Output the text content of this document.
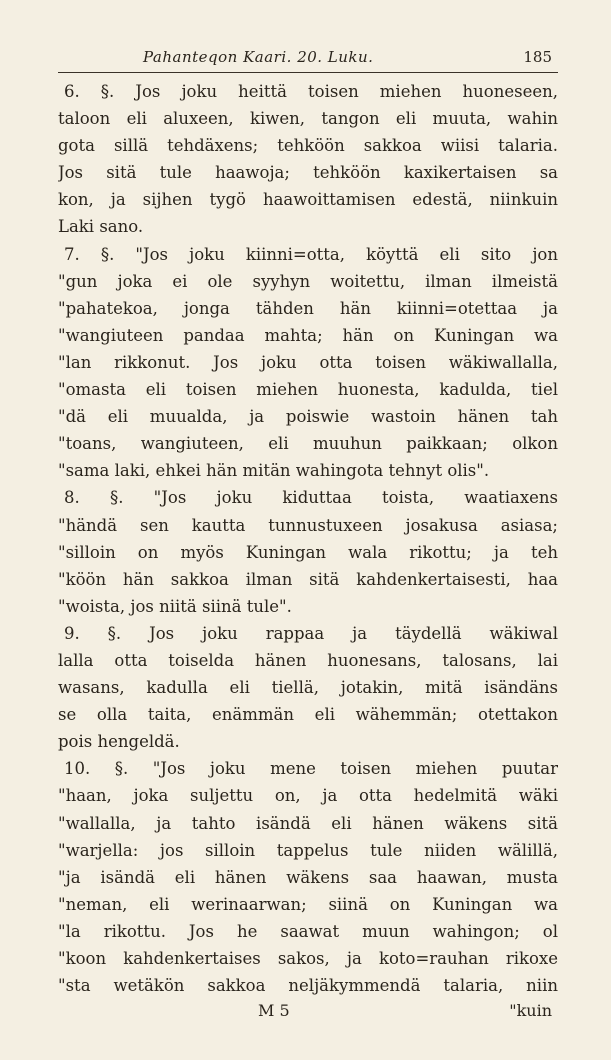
Pahanteqon Kaari. 20. Luku.	185
6. §. Jos joku heittä toisen miehen huoneseen,
taloon eli aluxeen, kiwen, tangon eli muuta, wahin
gota sillä tehdäxens; tehköön sakkoa wiisi talaria.
Jos sitä tule haawoja; tehköön kaxikertaisen sa
kon, ja sijhen tygö haawoittamisen edestä, niinkuin
Laki sano.
7. §. "Jos joku kiinni=otta, köyttä eli sito jon
"gun joka ei ole syyhyn woitettu, ilman ilmeistä
"pahatekoa, jonga tähden hän kiinni=otettaa ja
"wangiuteen pandaa mahta; hän on Kuningan wa
"lan rikkonut. Jos joku otta toisen wäkiwallalla,
"omasta eli toisen miehen huonesta, kadulda, tiel
"dä eli muualda, ja poiswie wastoin hänen tah
"toans, wangiuteen, eli muuhun paikkaan; olkon
"sama laki, ehkei hän mitän wahingota tehnyt olis".
8. §. "Jos joku kiduttaa toista, waatiaxens
"händä sen kautta tunnustuxeen josakusa asiasa;
"silloin on myös Kuningan wala rikottu; ja teh
"köön hän sakkoa ilman sitä kahdenkertaisesti, haa
"woista, jos niitä siinä tule".
9. §. Jos joku rappaa ja täydellä wäkiwal
lalla otta toiselda hänen huonesans, talosans, lai
wasans, kadulla eli tiellä, jotakin, mitä isändäns
se olla taita, enämmän eli wähemmän; otettakon
pois hengeldä.
10. §. "Jos joku mene toisen miehen puutar
"haan, joka suljettu on, ja otta hedelmitä wäki
"wallalla, ja tahto isändä eli hänen wäkens sitä
"warjella: jos silloin tappelus tule niiden wälillä,
"ja isändä eli hänen wäkens saa haawan, musta
"neman, eli werinaarwan; siinä on Kuningan wa
"la rikottu. Jos he saawat muun wahingon; ol
"koon kahdenkertaises sakos, ja koto=rauhan rikoxe
"sta wetäkön sakkoa neljäkymmendä talaria, niin
M 5	"kuin
